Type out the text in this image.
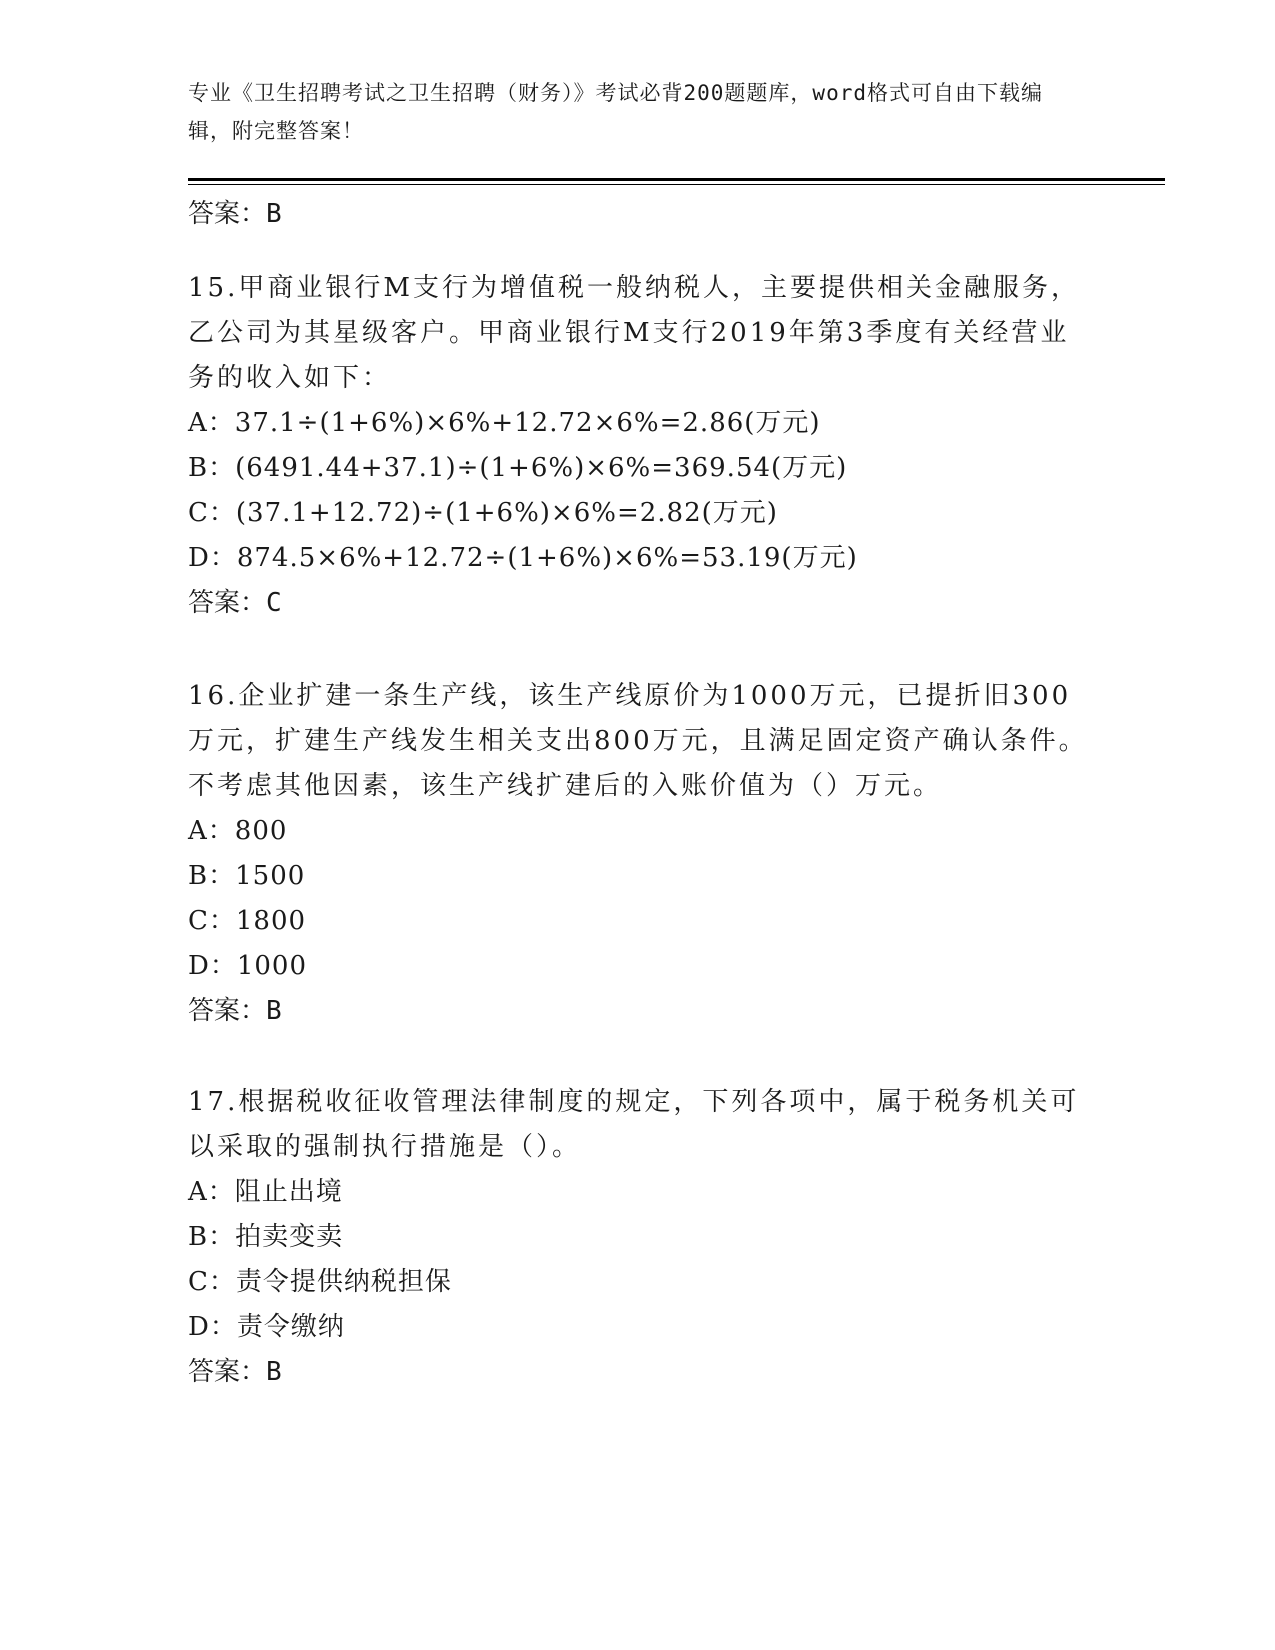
专业《卫生招聘考试之卫生招聘（财务）》考试必背200题题库，word格式可自由下载编辑，附完整答案！
答案：B

15.甲商业银行M支行为增值税一般纳税人，主要提供相关金融服务，乙公司为其星级客户。甲商业银行M支行2019年第3季度有关经营业务的收入如下：

A：37.1÷(1+6%)×6%+12.72×6%=2.86(万元)
B：(6491.44+37.1)÷(1+6%)×6%=369.54(万元)
C：(37.1+12.72)÷(1+6%)×6%=2.82(万元)
D：874.5×6%+12.72÷(1+6%)×6%=53.19(万元)
答案：C

16.企业扩建一条生产线，该生产线原价为1000万元，已提折旧300万元，扩建生产线发生相关支出800万元，且满足固定资产确认条件。不考虑其他因素，该生产线扩建后的入账价值为（）万元。

A：800
B：1500
C：1800
D：1000
答案：B

17.根据税收征收管理法律制度的规定，下列各项中，属于税务机关可以采取的强制执行措施是（）。

A：阻止出境
B：拍卖变卖
C：责令提供纳税担保
D：责令缴纳
答案：B
